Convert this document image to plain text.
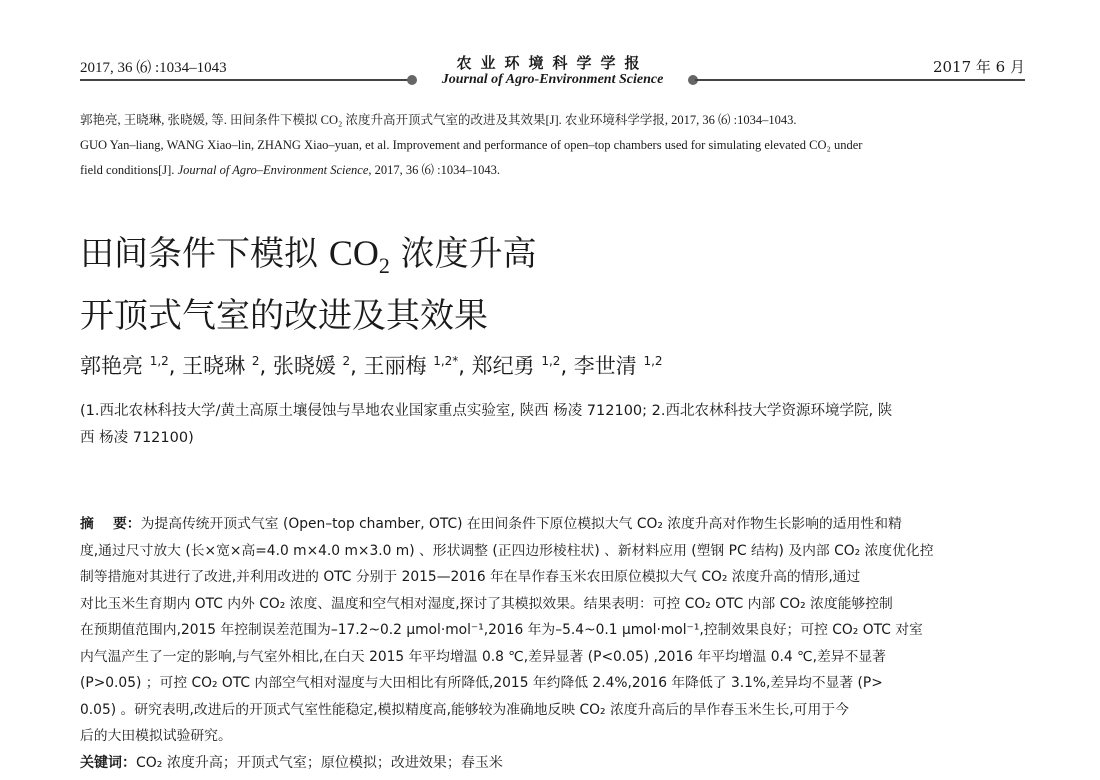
2017, 36 ⑹ :1034–1043	农业环境科学学报
Journal of Agro-Environment Science
2017 年 6 月

郭艳亮, 王晓琳, 张晓媛, 等. 田间条件下模拟 CO₂ 浓度升高开顶式气室的改进及其效果[J]. 农业环境科学学报, 2017, 36 ⑹ :1034–1043.

GUO Yan–liang, WANG Xiao–lin, ZHANG Xiao–yuan, et al. Improvement and performance of open–top chambers used for simulating elevated CO₂ under

field conditions[J]. Journal of Agro–Environment Science, 2017, 36 ⑹ :1034–1043.

田间条件下模拟 $CO_2$ 浓度升高

开顶式气室的改进及其效果

郭艳亮 $^{1,2}$, 王晓琳 $^2$, 张晓媛 $^2$, 王丽梅 $^{1,2*}$, 郑纪勇 $^{1,2}$, 李世清 $^{1,2}$

(1.西北农林科技大学/黄土高原土壤侵蚀与旱地农业国家重点实验室, 陕西 杨凌 712100; 2.西北农林科技大学资源环境学院, 陕

西 杨凌 712100)

摘    要：为提高传统开顶式气室 (Open–top chamber, OTC) 在田间条件下原位模拟大气 CO₂ 浓度升高对作物生长影响的适用性和精

度,通过尺寸放大 (长×宽×高=4.0 m×4.0 m×3.0 m) 、形状调整 (正四边形棱柱状) 、新材料应用 (塑钢 PC 结构) 及内部 CO₂ 浓度优化控

制等措施对其进行了改进,并利用改进的 OTC 分别于 2015—2016 年在旱作春玉米农田原位模拟大气 CO₂ 浓度升高的情形,通过

对比玉米生育期内 OTC 内外 CO₂ 浓度、温度和空气相对湿度,探讨了其模拟效果。结果表明：可控 CO₂ OTC 内部 CO₂ 浓度能够控制

在预期值范围内,2015 年控制误差范围为–17.2~0.2 μmol·mol⁻¹,2016 年为–5.4~0.1 μmol·mol⁻¹,控制效果良好；可控 CO₂ OTC 对室

内气温产生了一定的影响,与气室外相比,在白天 2015 年平均增温 0.8 ℃,差异显著 (P<0.05) ,2016 年平均增温 0.4 ℃,差异不显著

(P>0.05) ；可控 CO₂ OTC 内部空气相对湿度与大田相比有所降低,2015 年约降低 2.4%,2016 年降低了 3.1%,差异均不显著 (P>

0.05) 。研究表明,改进后的开顶式气室性能稳定,模拟精度高,能够较为准确地反映 CO₂ 浓度升高后的旱作春玉米生长,可用于今

后的大田模拟试验研究。

关键词：CO₂ 浓度升高；开顶式气室；原位模拟；改进效果；春玉米
